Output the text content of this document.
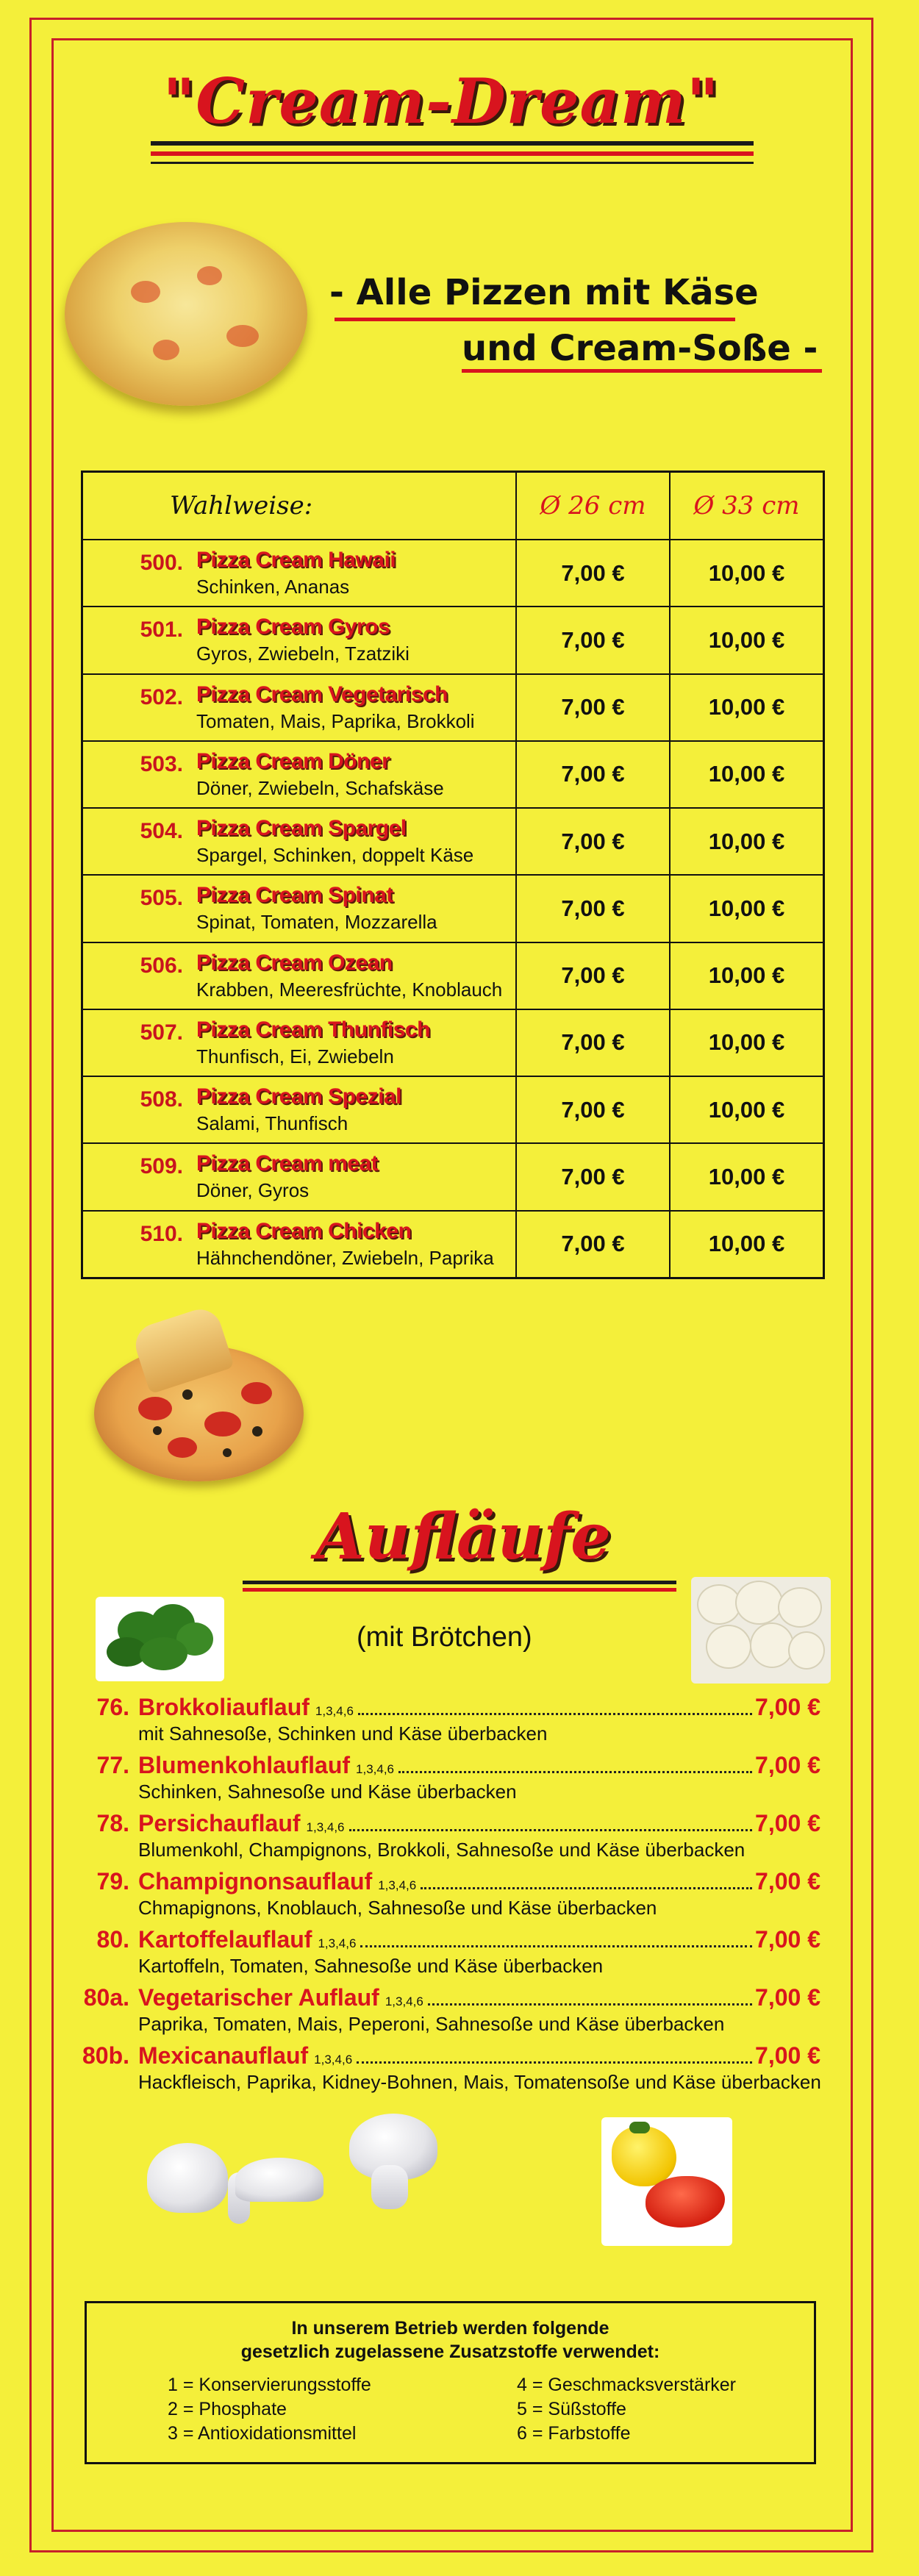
"Cream-Dream"
- Alle Pizzen mit Käse
und Cream-Soße -
Wahlweise:	Ø 26 cm	Ø 33 cm
500. Pizza Cream Hawaii
Schinken, Ananas	7,00 €	10,00 €
501. Pizza Cream Gyros
Gyros, Zwiebeln, Tzatziki	7,00 €	10,00 €
502. Pizza Cream Vegetarisch
Tomaten, Mais, Paprika, Brokkoli	7,00 €	10,00 €
503. Pizza Cream Döner
Döner, Zwiebeln, Schafskäse	7,00 €	10,00 €
504. Pizza Cream Spargel
Spargel, Schinken, doppelt Käse	7,00 €	10,00 €
505. Pizza Cream Spinat
Spinat, Tomaten, Mozzarella	7,00 €	10,00 €
506. Pizza Cream Ozean
Krabben, Meeresfrüchte, Knoblauch	7,00 €	10,00 €
507. Pizza Cream Thunfisch
Thunfisch, Ei, Zwiebeln	7,00 €	10,00 €
508. Pizza Cream Spezial
Salami, Thunfisch	7,00 €	10,00 €
509. Pizza Cream meat
Döner, Gyros	7,00 €	10,00 €
510. Pizza Cream Chicken
Hähnchendöner, Zwiebeln, Paprika	7,00 €	10,00 €
Aufläufe
(mit Brötchen)
76. Brokkoliauflauf 1,3,4,6	7,00 €
mit Sahnesoße, Schinken und Käse überbacken
77. Blumenkohlauflauf 1,3,4,6	7,00 €
Schinken, Sahnesoße und Käse überbacken
78. Persichauflauf 1,3,4,6	7,00 €
Blumenkohl, Champignons, Brokkoli, Sahnesoße und Käse überbacken
79. Champignonsauflauf 1,3,4,6	7,00 €
Chmapignons, Knoblauch, Sahnesoße und Käse überbacken
80. Kartoffelauflauf 1,3,4,6	7,00 €
Kartoffeln, Tomaten, Sahnesoße und Käse überbacken
80a. Vegetarischer Auflauf 1,3,4,6	7,00 €
Paprika, Tomaten, Mais, Peperoni, Sahnesoße und Käse überbacken
80b. Mexicanauflauf 1,3,4,6	7,00 €
Hackfleisch, Paprika, Kidney-Bohnen, Mais, Tomatensoße und Käse überbacken
In unserem Betrieb werden folgende
gesetzlich zugelassene Zusatzstoffe verwendet:
1 = Konservierungsstoffe
2 = Phosphate
3 = Antioxidationsmittel
4 = Geschmacksverstärker
5 = Süßstoffe
6 = Farbstoffe
